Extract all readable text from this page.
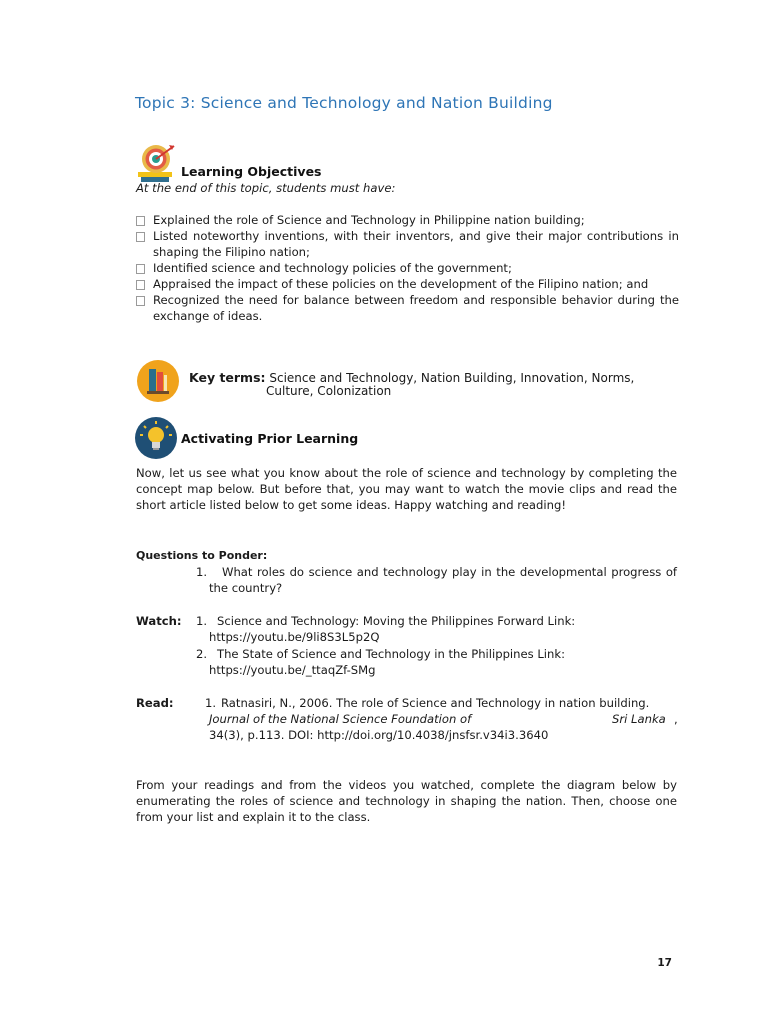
Topic 3: Science and Technology and Nation Building
Learning Objectives
At the end of this topic, students must have:
Explained the role of Science and Technology in Philippine nation building;
Listed noteworthy inventions, with their inventors, and give their major contributions in shaping the Filipino nation;
Identified science and technology policies of the government;
Appraised the impact of these policies on the development of the Filipino nation; and
Recognized the need for balance between freedom and responsible behavior during the exchange of ideas.
Key terms: Science and Technology, Nation Building, Innovation, Norms,
Culture, Colonization
Activating Prior Learning
Now, let us see what you know about the role of science and technology by completing the concept map below. But before that, you may want to watch the movie clips and read the short article listed below to get some ideas. Happy watching and reading!
Questions to Ponder:
1.	What roles do science and technology play in the developmental progress of the country?
Watch: 1. Science and Technology: Moving the Philippines Forward Link:
https://youtu.be/9li8S3L5p2Q
2. The State of Science and Technology in the Philippines Link:
https://youtu.be/_ttaqZf-SMg
Read:	1. Ratnasiri, N., 2006. The role of Science and Technology in nation building.
Journal of the National Science Foundation of	Sri Lanka ,
34(3), p.113. DOI: http://doi.org/10.4038/jnsfsr.v34i3.3640
From your readings and from the videos you watched, complete the diagram below by enumerating the roles of science and technology in shaping the nation. Then, choose one from your list and explain it to the class.
17
